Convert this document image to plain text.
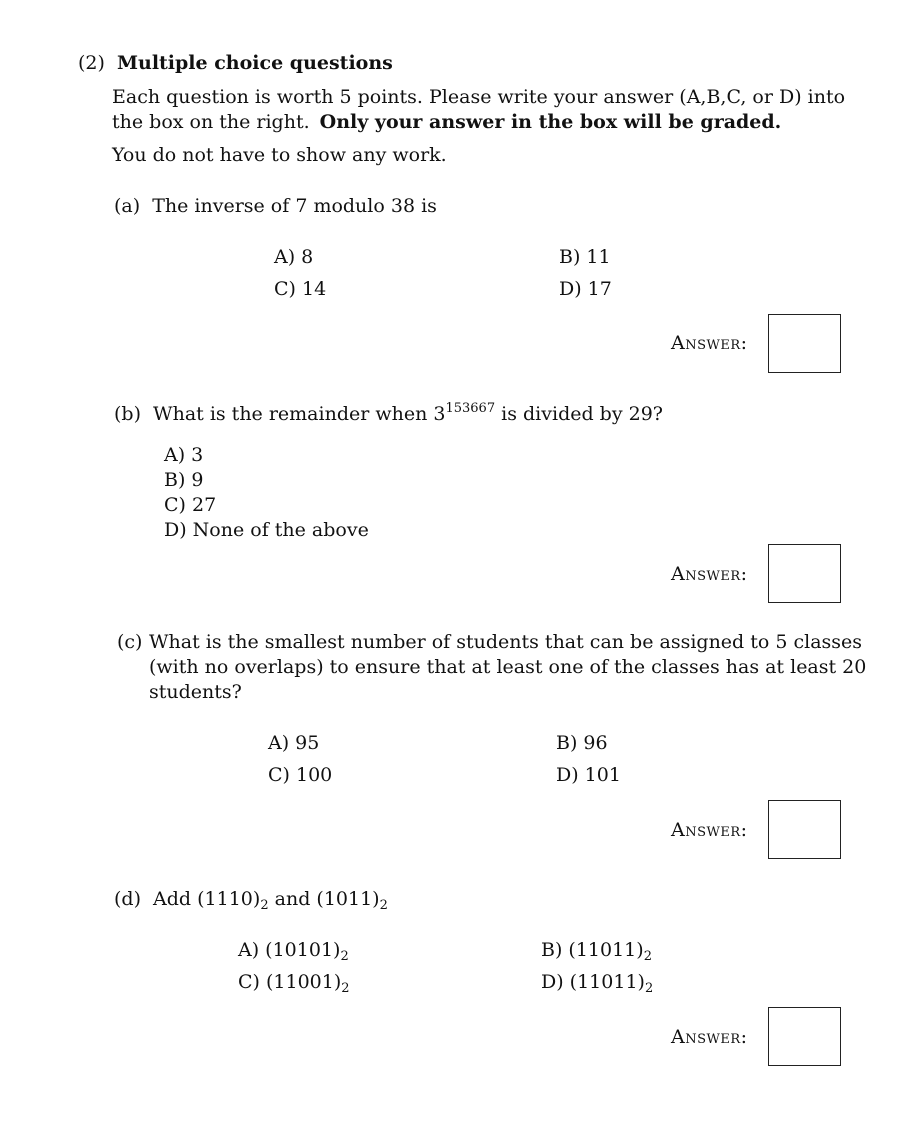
(2) Multiple choice questions
Each question is worth 5 points. Please write your answer (A,B,C, or D) into
the box on the right. Only your answer in the box will be graded.
You do not have to show any work.
(a) The inverse of 7 modulo 38 is
A) 8	B) 11
C) 14	D) 17
Answer:
(b) What is the remainder when $3^{153667}$ is divided by 29?
A) 3
B) 9
C) 27
D) None of the above
Answer:
(c) What is the smallest number of students that can be assigned to 5 classes
(with no overlaps) to ensure that at least one of the classes has at least 20
students?
A) 95	B) 96
C) 100	D) 101
Answer:
(d) Add $(1110)_2$ and $(1011)_2$
A) $(10101)_2$	B) $(11011)_2$
C) $(11001)_2$	D) $(11011)_2$
Answer:
